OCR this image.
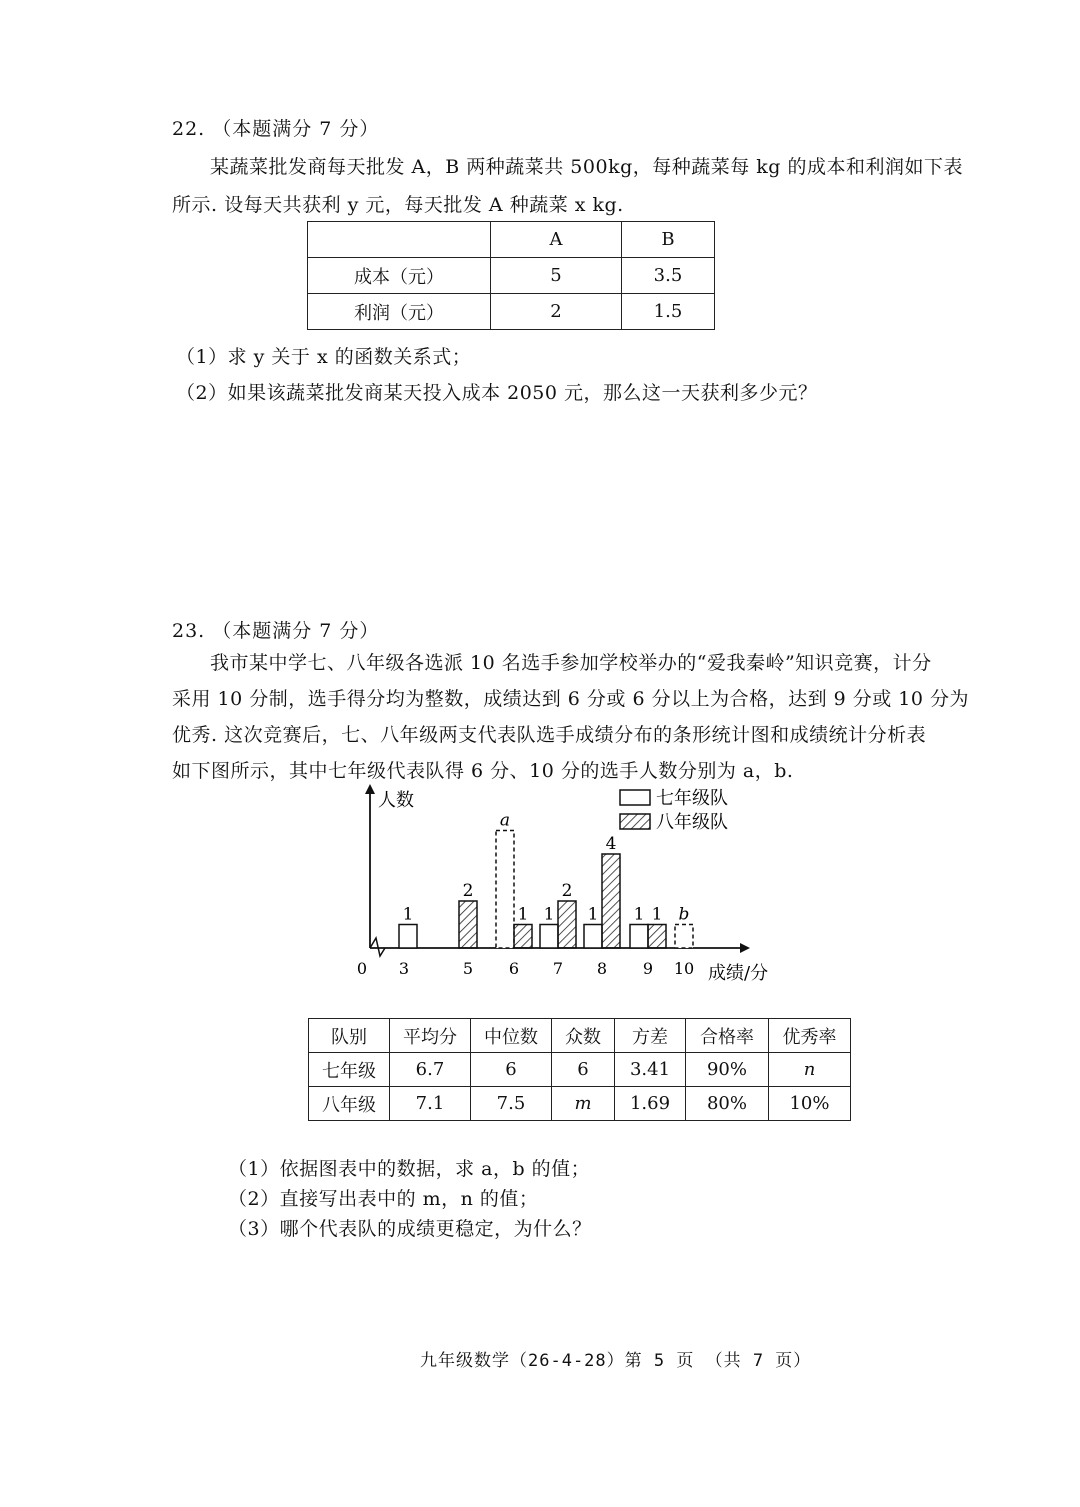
22. （本题满分 7 分）
某蔬菜批发商每天批发 A，B 两种蔬菜共 500kg，每种蔬菜每 kg 的成本和利润如下表
所示. 设每天共获利 y 元，每天批发 A 种蔬菜 x kg.
	A	B
成本（元）	5	3.5
利润（元）	2	1.5
（1）求 y 关于 x 的函数关系式；
（2）如果该蔬菜批发商某天投入成本 2050 元，那么这一天获利多少元？
23. （本题满分 7 分）
我市某中学七、八年级各选派 10 名选手参加学校举办的“爱我秦岭”知识竞赛，计分
采用 10 分制，选手得分均为整数，成绩达到 6 分或 6 分以上为合格，达到 9 分或 10 分为
优秀. 这次竞赛后，七、八年级两支代表队选手成绩分布的条形统计图和成绩统计分析表
如下图所示，其中七年级代表队得 6 分、10 分的选手人数分别为 a，b.
人数
成绩/分
0 3	5 6 7 8 9 10
1
2
a
1 1
2
1
4
1 1 b
七年级队
八年级队
队别	平均分	中位数	众数	方差	合格率	优秀率
七年级	6.7	6	6	3.41	90%	n
八年级	7.1	7.5	m	1.69	80%	10%
（1）依据图表中的数据，求 a，b 的值；
（2）直接写出表中的 m，n 的值；
（3）哪个代表队的成绩更稳定，为什么？
九年级数学（26-4-28）第 5 页 （共 7 页）
